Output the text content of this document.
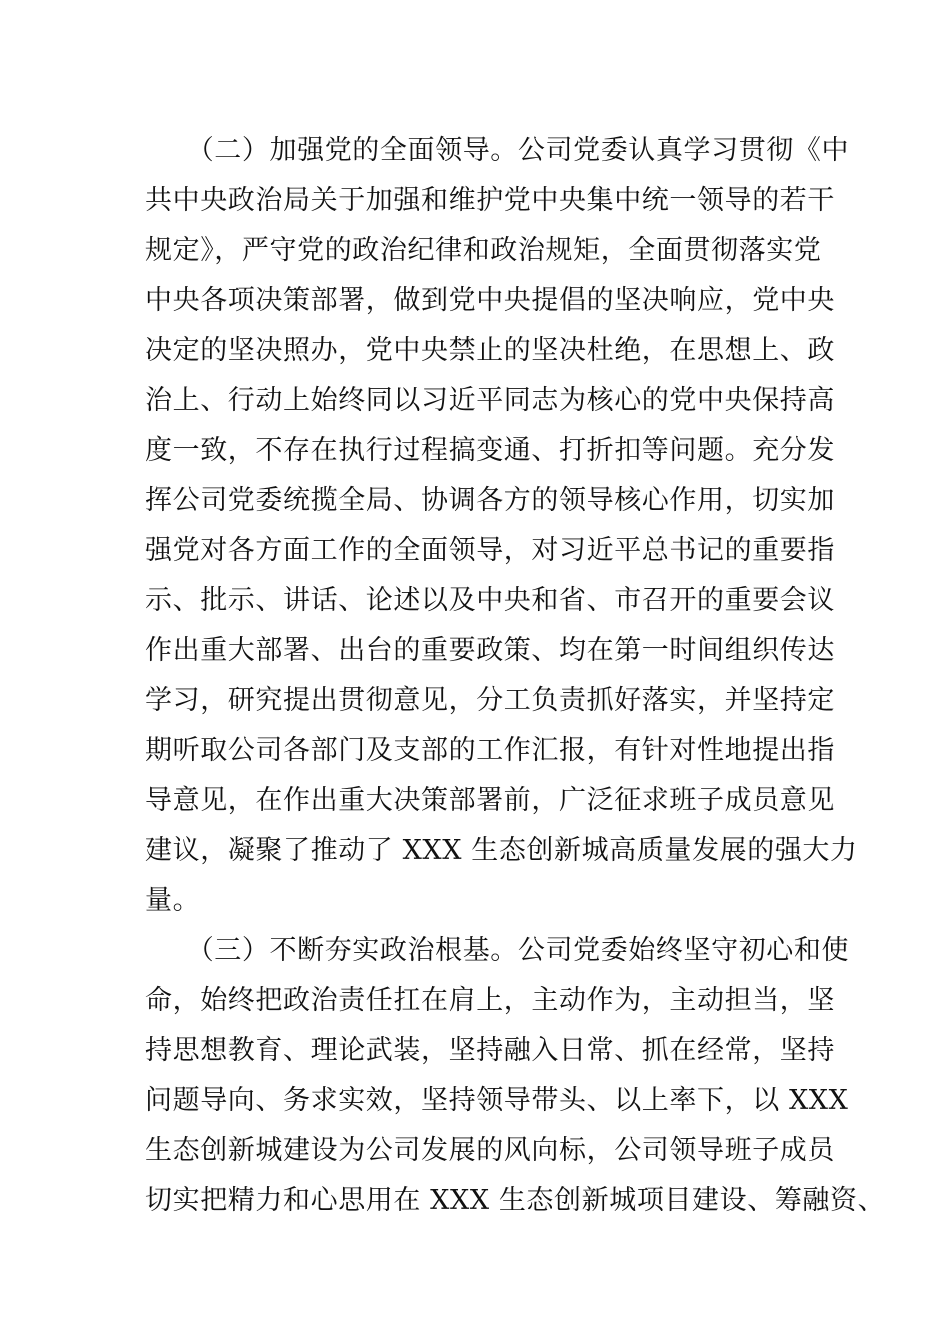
　　（二）加强党的全面领导。公司党委认真学习贯彻《中
共中央政治局关于加强和维护党中央集中统一领导的若干
规定》，严守党的政治纪律和政治规矩，全面贯彻落实党
中央各项决策部署，做到党中央提倡的坚决响应，党中央
决定的坚决照办，党中央禁止的坚决杜绝，在思想上、政
治上、行动上始终同以习近平同志为核心的党中央保持高
度一致，不存在执行过程搞变通、打折扣等问题。充分发
挥公司党委统揽全局、协调各方的领导核心作用，切实加
强党对各方面工作的全面领导，对习近平总书记的重要指
示、批示、讲话、论述以及中央和省、市召开的重要会议
作出重大部署、出台的重要政策、均在第一时间组织传达
学习，研究提出贯彻意见，分工负责抓好落实，并坚持定
期听取公司各部门及支部的工作汇报，有针对性地提出指
导意见，在作出重大决策部署前，广泛征求班子成员意见
建议，凝聚了推动了 XXX 生态创新城高质量发展的强大力
量。
　　（三）不断夯实政治根基。公司党委始终坚守初心和使
命，始终把政治责任扛在肩上，主动作为，主动担当，坚
持思想教育、理论武装，坚持融入日常、抓在经常，坚持
问题导向、务求实效，坚持领导带头、以上率下，以 XXX
生态创新城建设为公司发展的风向标，公司领导班子成员
切实把精力和心思用在 XXX 生态创新城项目建设、筹融资、
